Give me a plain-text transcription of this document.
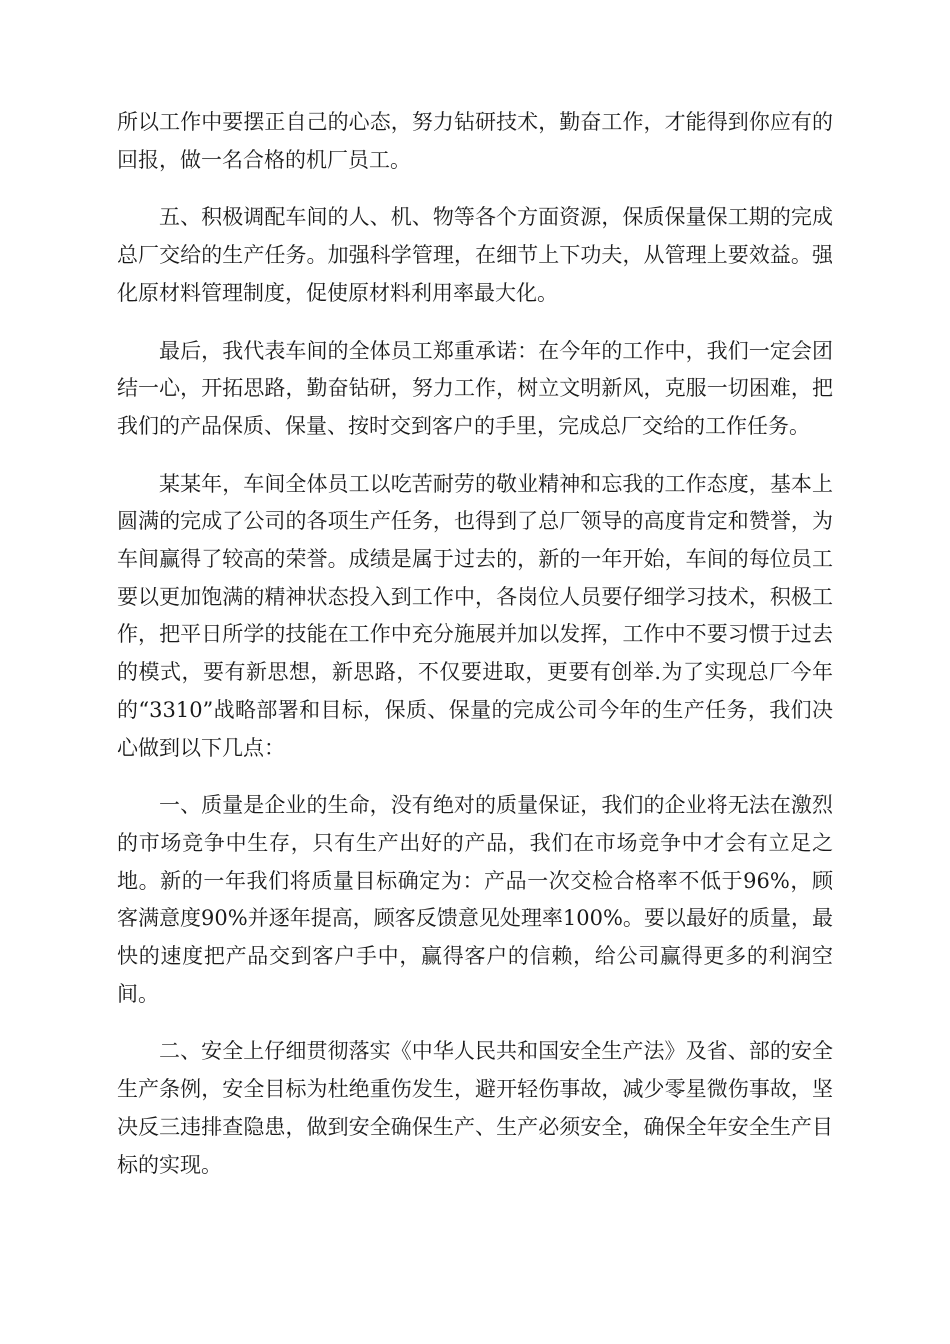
所以工作中要摆正自己的心态，努力钻研技术，勤奋工作，才能得到你应有的回报，做一名合格的机厂员工。

五、积极调配车间的人、机、物等各个方面资源，保质保量保工期的完成总厂交给的生产任务。加强科学管理，在细节上下功夫，从管理上要效益。强化原材料管理制度，促使原材料利用率最大化。

最后，我代表车间的全体员工郑重承诺：在今年的工作中，我们一定会团结一心，开拓思路，勤奋钻研，努力工作，树立文明新风，克服一切困难，把我们的产品保质、保量、按时交到客户的手里，完成总厂交给的工作任务。

某某年，车间全体员工以吃苦耐劳的敬业精神和忘我的工作态度，基本上圆满的完成了公司的各项生产任务，也得到了总厂领导的高度肯定和赞誉，为车间赢得了较高的荣誉。成绩是属于过去的，新的一年开始，车间的每位员工要以更加饱满的精神状态投入到工作中，各岗位人员要仔细学习技术，积极工作，把平日所学的技能在工作中充分施展并加以发挥，工作中不要习惯于过去的模式，要有新思想，新思路，不仅要进取，更要有创举.为了实现总厂今年的“3310”战略部署和目标，保质、保量的完成公司今年的生产任务，我们决心做到以下几点：

一、质量是企业的生命，没有绝对的质量保证，我们的企业将无法在激烈的市场竞争中生存，只有生产出好的产品，我们在市场竞争中才会有立足之地。新的一年我们将质量目标确定为：产品一次交检合格率不低于96%，顾客满意度90%并逐年提高，顾客反馈意见处理率100%。要以最好的质量，最快的速度把产品交到客户手中，赢得客户的信赖，给公司赢得更多的利润空间。

二、安全上仔细贯彻落实《中华人民共和国安全生产法》及省、部的安全生产条例，安全目标为杜绝重伤发生，避开轻伤事故，减少零星微伤事故，坚决反三违排查隐患，做到安全确保生产、生产必须安全，确保全年安全生产目标的实现。
